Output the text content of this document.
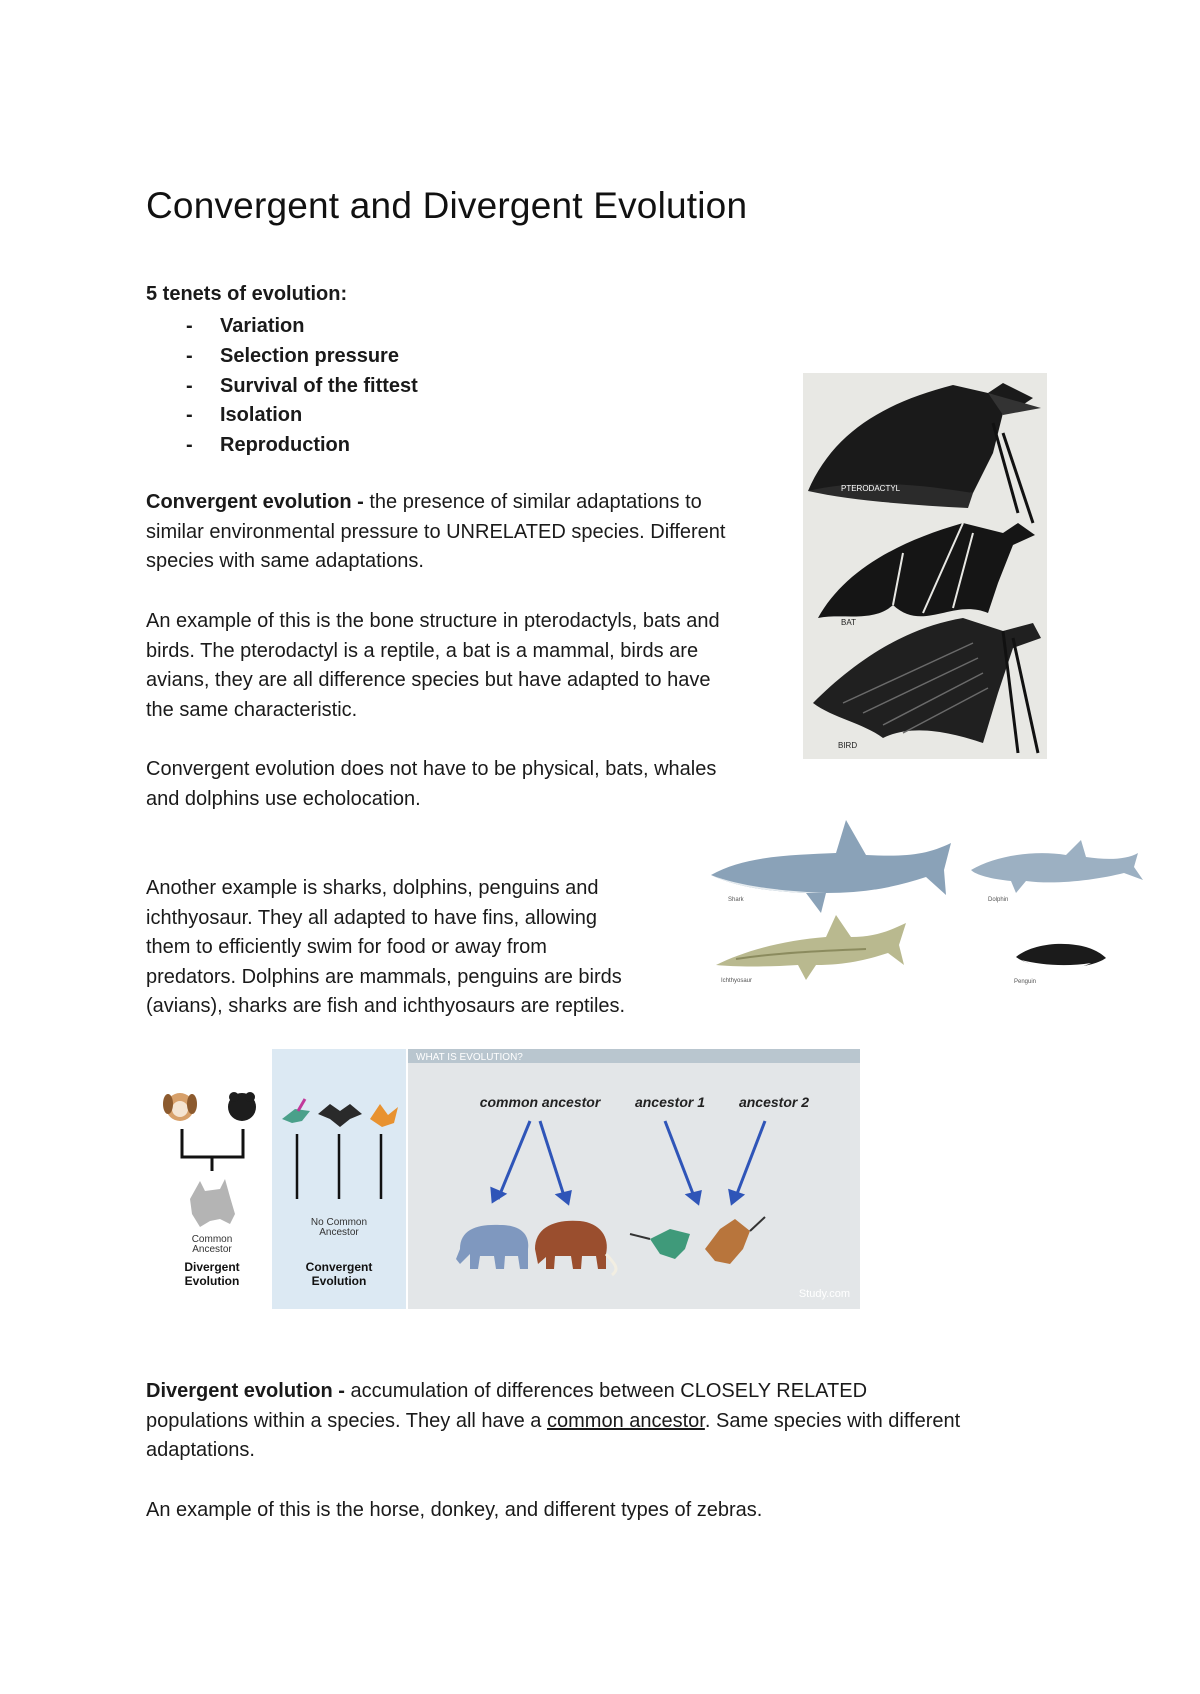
Convergent and Divergent Evolution
5 tenets of evolution:
- Variation
- Selection pressure
- Survival of the fittest
- Isolation
- Reproduction
Convergent evolution - the presence of similar adaptations to
similar environmental pressure to UNRELATED species. Different
species with same adaptations.
An example of this is the bone structure in pterodactyls, bats and
birds. The pterodactyl is a reptile, a bat is a mammal, birds are
avians, they are all difference species but have adapted to have
the same characteristic.
Convergent evolution does not have to be physical, bats, whales
and dolphins use echolocation.
Another example is sharks, dolphins, penguins and
ichthyosaur. They all adapted to have fins, allowing
them to efficiently swim for food or away from
predators. Dolphins are mammals, penguins are birds
(avians), sharks are fish and ichthyosaurs are reptiles.
Divergent evolution - accumulation of differences between CLOSELY RELATED
populations within a species. They all have a common ancestor. Same species with different
adaptations.
An example of this is the horse, donkey, and different types of zebras.
PTERODACTYL
BAT
BIRD
Shark	Dolphin
Ichthyosaur	Penguin
Common
Ancestor
Divergent
Evolution
No Common
Ancestor
Convergent
Evolution
WHAT IS EVOLUTION?
common ancestor ancestor 1 ancestor 2
Study.com
